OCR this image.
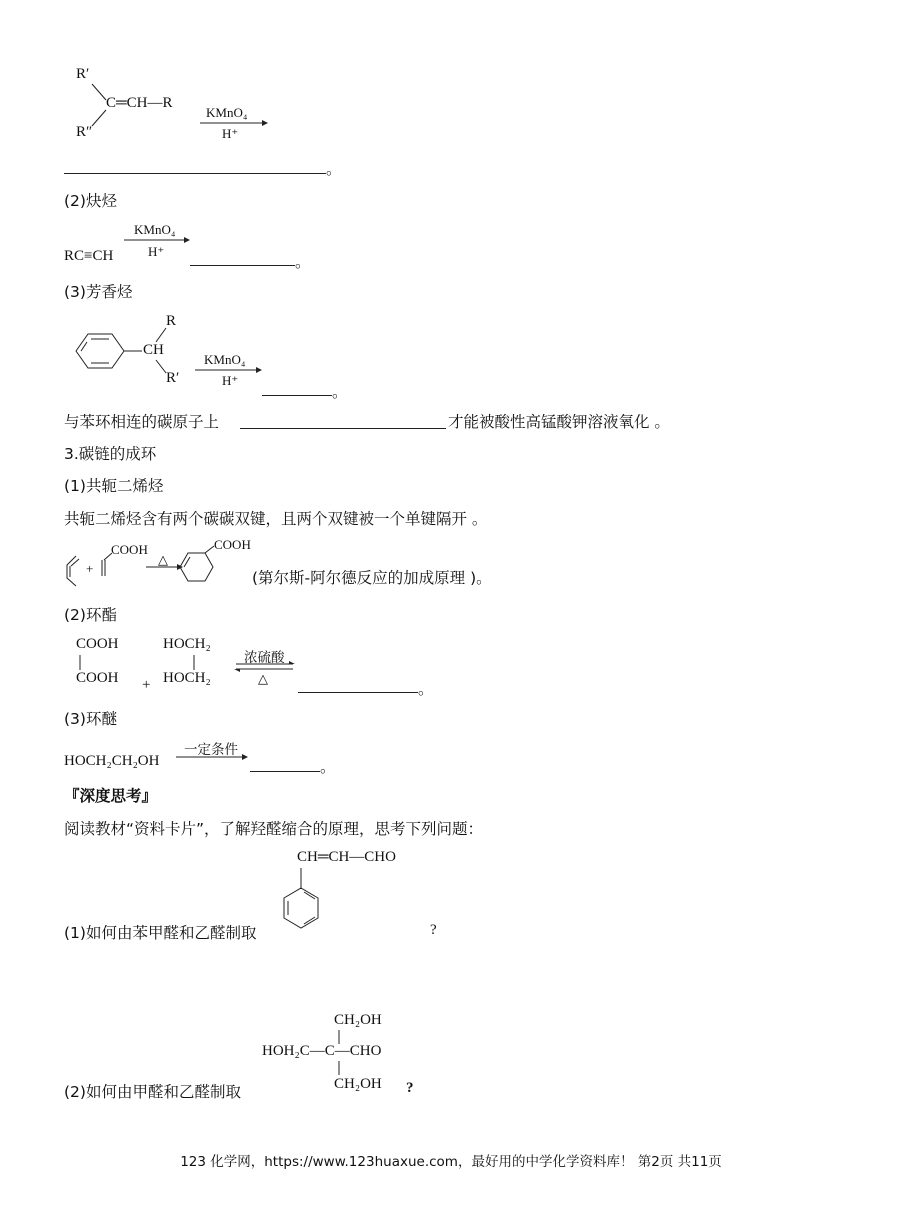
R′
C═CH—R
R″
KMnO₄
H⁺
。
(2)炔烃
KMnO₄
H⁺
RC≡CH	。
(3)芳香烃
R
CH
R′
KMnO₄
H⁺
。
与苯环相连的碳原子上	才能被酸性高锰酸钾溶液氧化 。
3.碳链的成环
(1)共轭二烯烃
共轭二烯烃含有两个碳碳双键，且两个双键被一个单键隔开 。
+
COOH
△
COOH
(第尔斯-阿尔德反应的加成原理 )。
(2)环酯
COOH
COOH +
HOCH₂
HOCH₂
浓硫酸
△
。
(3)环醚
HOCH₂CH₂OH
一定条件
。
『深度思考』
阅读教材“资料卡片”，了解羟醛缩合的原理，思考下列问题：
CH═CH—CHO
(1)如何由苯甲醛和乙醛制取	?
CH₂OH
HOH₂C—C—CHO
CH₂OH
(2)如何由甲醛和乙醛制取	?
123 化学网，https://www.123huaxue.com，最好用的中学化学资料库！ 第2页 共11页
